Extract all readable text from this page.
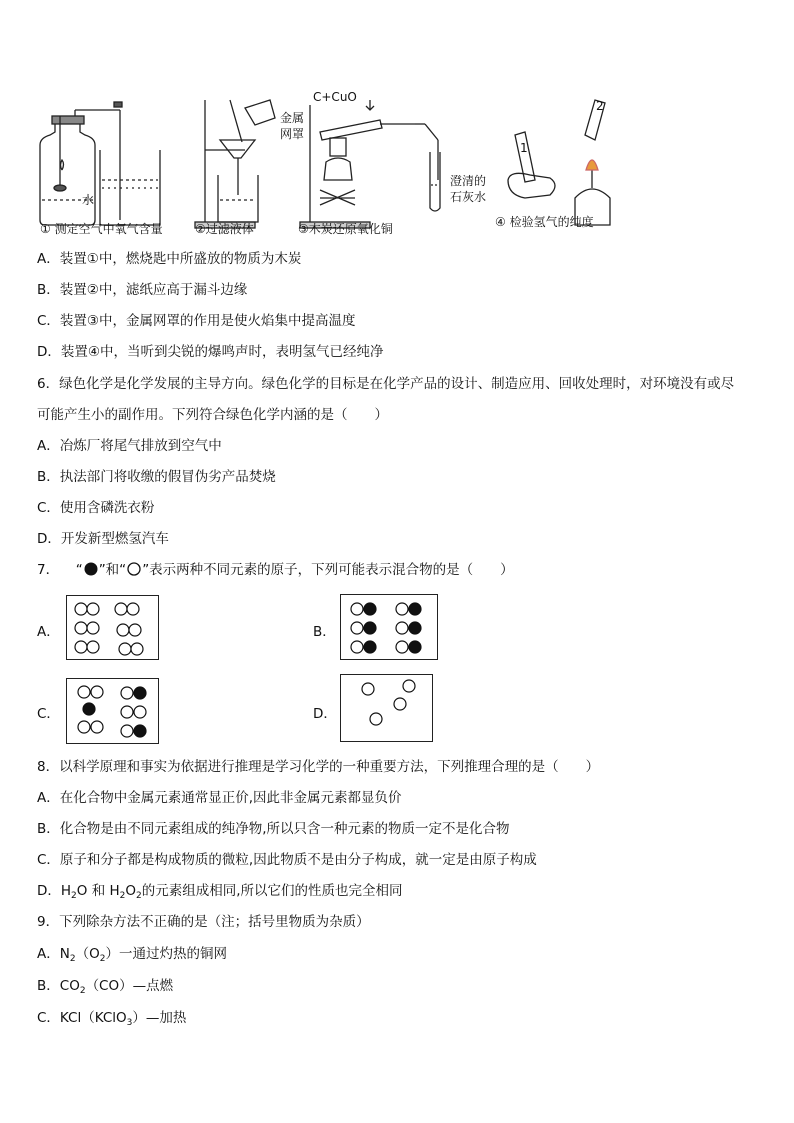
水
C+CuO
金属
网罩
澄清的
石灰水
1
2
① 测定空气中氧气含量	②过滤液体	③木炭还原氧化铜	④ 检验氢气的纯度
A．装置①中，燃烧匙中所盛放的物质为木炭
B．装置②中，滤纸应高于漏斗边缘
C．装置③中，金属网罩的作用是使火焰集中提高温度
D．装置④中，当听到尖锐的爆鸣声时，表明氢气已经纯净
6．绿色化学是化学发展的主导方向。绿色化学的目标是在化学产品的设计、制造应用、回收处理时，对环境没有或尽
可能产生小的副作用。下列符合绿色化学内涵的是（　　）
A．冶炼厂将尾气排放到空气中
B．执法部门将收缴的假冒伪劣产品焚烧
C．使用含磷洗衣粉
D．开发新型燃氢汽车
7． “ ”和“ ”表示两种不同元素的原子，下列可能表示混合物的是（　　）
A．	B．
C．	D．
8．以科学原理和事实为依据进行推理是学习化学的一种重要方法，下列推理合理的是（　　）
A．在化合物中金属元素通常显正价,因此非金属元素都显负价
B．化合物是由不同元素组成的纯净物,所以只含一种元素的物质一定不是化合物
C．原子和分子都是构成物质的微粒,因此物质不是由分子构成，就一定是由原子构成
D．$H_2O$ 和 $H_2O_2$的元素组成相同,所以它们的性质也完全相同
9．下列除杂方法不正确的是（注；括号里物质为杂质）
A．$N_2(O_2)$一通过灼热的铜网
B．$CO_2(CO)—$点燃
C．KCl（KClO$_3$）—加热
